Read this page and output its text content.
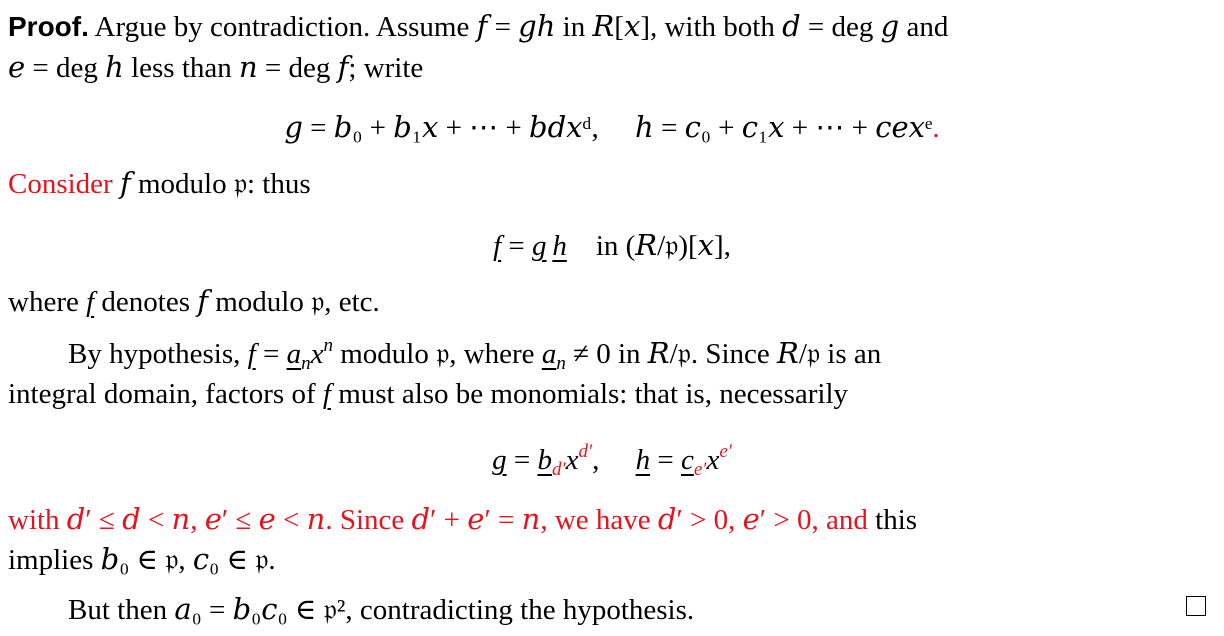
Proof. Argue by contradiction. Assume 𝑓 = 𝑔ℎ in 𝑅[𝑥], with both 𝑑 = deg 𝑔 and
𝑒 = deg ℎ less than 𝑛 = deg 𝑓; write
𝑔 = 𝑏₀ + 𝑏₁𝑥 + ⋯ + 𝑏𝑑𝑥ᵈ, ℎ = 𝑐₀ + 𝑐₁𝑥 + ⋯ + 𝑐𝑒𝑥ᵉ.
Consider 𝑓 modulo 𝔭: thus
f = g  h in (𝑅/𝔭)[𝑥],
where f denotes 𝑓 modulo 𝔭, etc.
By hypothesis, $f = a_nx^n$ modulo 𝔭, where $a_n \ne 0$ in 𝑅/𝔭. Since 𝑅/𝔭 is an
integral domain, factors of f must also be monomials: that is, necessarily
$g = b_{d'}x^{d'}$, $h = c_{e'}x^{e'}$
with 𝑑′ ≤ 𝑑 < 𝑛, 𝑒′ ≤ 𝑒 < 𝑛. Since 𝑑′ + 𝑒′ = 𝑛, we have 𝑑′ > 0, 𝑒′ > 0, and this
implies 𝑏₀ ∈ 𝔭, 𝑐₀ ∈ 𝔭.
But then 𝑎₀ = 𝑏₀𝑐₀ ∈ 𝔭², contradicting the hypothesis.
